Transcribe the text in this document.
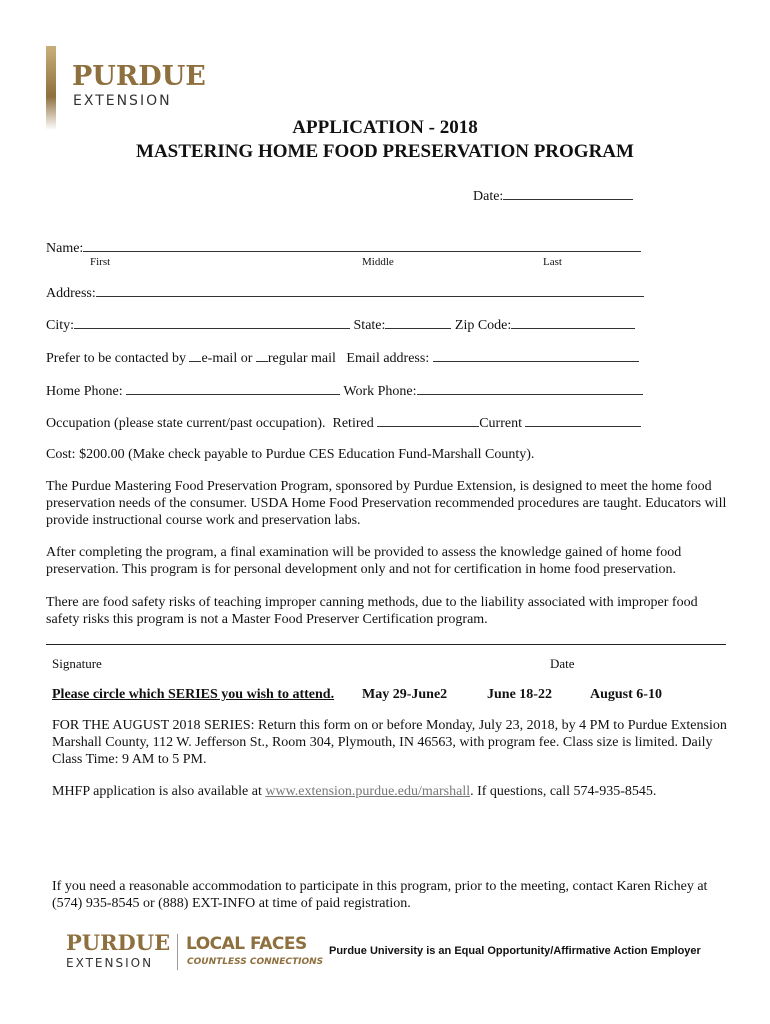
PURDUE
EXTENSION
APPLICATION - 2018
MASTERING HOME FOOD PRESERVATION PROGRAM
Date:
Name:
First	Middle	Last
Address:
City:	State:	Zip Code:
Prefer to be contacted by e-mail or regular mail Email address:
Home Phone:	Work Phone:
Occupation (please state current/past occupation). Retired	Current
Cost: $200.00 (Make check payable to Purdue CES Education Fund-Marshall County).
The Purdue Mastering Food Preservation Program, sponsored by Purdue Extension, is designed to meet the home food preservation needs of the consumer. USDA Home Food Preservation recommended procedures are taught. Educators will provide instructional course work and preservation labs.
After completing the program, a final examination will be provided to assess the knowledge gained of home food preservation. This program is for personal development only and not for certification in home food preservation.
There are food safety risks of teaching improper canning methods, due to the liability associated with improper food safety risks this program is not a Master Food Preserver Certification program.
Signature	Date
Please circle which SERIES you wish to attend. May 29-June2	June 18-22	August 6-10
FOR THE AUGUST 2018 SERIES: Return this form on or before Monday, July 23, 2018, by 4 PM to Purdue Extension Marshall County, 112 W. Jefferson St., Room 304, Plymouth, IN 46563, with program fee. Class size is limited. Daily Class Time: 9 AM to 5 PM.
MHFP application is also available at www.extension.purdue.edu/marshall. If questions, call 574-935-8545.
If you need a reasonable accommodation to participate in this program, prior to the meeting, contact Karen Richey at (574) 935-8545 or (888) EXT-INFO at time of paid registration.
PURDUE
EXTENSION
LOCAL FACES
COUNTLESS CONNECTIONS
Purdue University is an Equal Opportunity/Affirmative Action Employer
